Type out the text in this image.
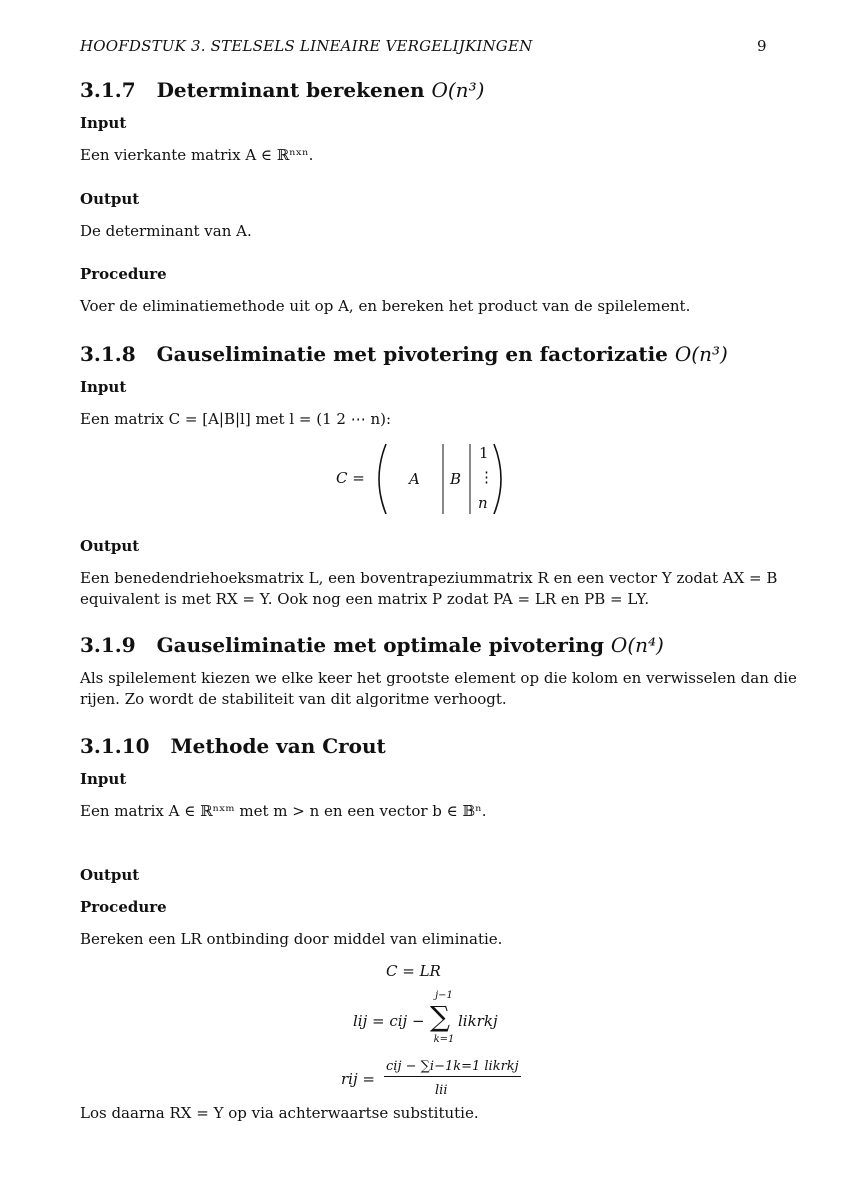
HOOFDSTUK 3. STELSELS LINEAIRE VERGELIJKINGEN	9
3.1.7 Determinant berekenen O(n³)
Input
Een vierkante matrix A ∈ ℝⁿˣⁿ.
Output
De determinant van A.
Procedure
Voer de eliminatiemethode uit op A, en bereken het product van de spilelement.
3.1.8 Gauseliminatie met pivotering en factorizatie O(n³)
Input
Een matrix C = [A|B|l] met l = (1 2 ⋯ n):
C =	A B
1
⋮
n
Output
Een benedendriehoeksmatrix L, een boventrapeziummatrix R en een vector Y zodat AX = B
equivalent is met RX = Y. Ook nog een matrix P zodat PA = LR en PB = LY.
3.1.9 Gauseliminatie met optimale pivotering O(n⁴)
Als spilelement kiezen we elke keer het grootste element op die kolom en verwisselen dan die
rijen. Zo wordt de stabiliteit van dit algoritme verhoogt.
3.1.10 Methode van Crout
Input
Een matrix A ∈ ℝⁿˣᵐ met m > n en een vector b ∈ 𝔹ⁿ.
Output
Procedure
Bereken een LR ontbinding door middel van eliminatie.
C = LR
lij = cij −
j−1
∑
k=1
likrkj
rij =
cij − ∑i−1k=1 likrkj
lii
Los daarna RX = Y op via achterwaartse substitutie.
